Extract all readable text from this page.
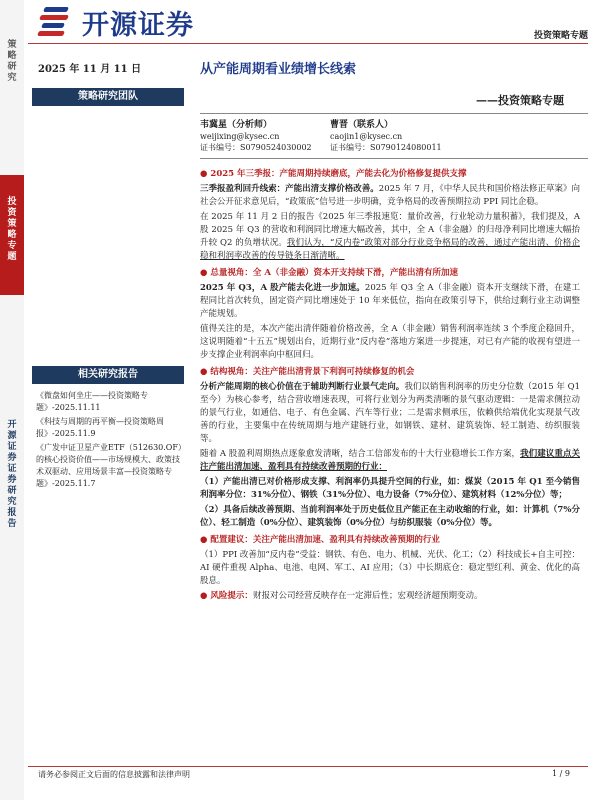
策略研究
投资策略专题
开源证券 证券研究报告
开源证券	投资策略专题
2025 年 11 月 11 日	从产能周期看业绩增长线索
策略研究团队	——投资策略专题
韦冀星（分析师）
weijixing@kysec.cn
证书编号：S0790524030002
曹晋（联系人）
caojin1@kysec.cn
证书编号：S0790124080011
相关研究报告

《微盘如何坐庄——投资策略专题》-2025.11.11

《科技与周期的再平衡—投资策略周报》-2025.11.9

《广发中证卫星产业ETF（512630.OF）的核心投资价值——市场规模大、政策技术双驱动、应用场景丰富—投资策略专题》-2025.11.7

● 2025 年三季报：产能周期持续磨底，产能去化为价格修复提供支撑

三季报盈利回升线索：产能出清支撑价格改善。2025 年 7 月，《中华人民共和国价格法修正草案》向社会公开征求意见后，“政策底”信号进一步明确，竞争格局的改善预期拉动 PPI 同比企稳。

在 2025 年 11 月 2 日的报告《2025 年三季报速览：量价改善，行业轮动力量积蓄》，我们提及，A 股 2025 年 Q3 的营收和利润同比增速大幅改善，其中，全 A（非金融）的归母净利同比增速大幅抬升较 Q2 的负增状况。我们认为，“反内卷”政策对部分行业竞争格局的改善，通过产能出清、价格企稳和利润率改善的传导链条日渐清晰。

● 总量视角：全 A（非金融）资本开支持续下滑，产能出清有所加速

2025 年 Q3，A 股产能去化进一步加速。2025 年 Q3 全 A（非金融）资本开支继续下滑，在建工程同比首次转负，固定资产同比增速处于 10 年来低位，指向在政策引导下，供给过剩行业主动调整产能规划。

值得关注的是，本次产能出清伴随着价格改善，全 A（非金融）销售利润率连续 3 个季度企稳回升，这说明随着“十五五”规划出台，近期行业“反内卷”落地方案进一步提速，对已有产能的收视有望进一步支撑企业利润率向中枢回归。

● 结构视角：关注产能出清背景下利润可持续修复的机会

分析产能周期的核心价值在于辅助判断行业景气走向。我们以销售利润率的历史分位数（2015 年 Q1 至今）为核心参考，结合营收增速表现，可将行业划分为两类清晰的景气驱动逻辑：一是需求侧拉动的景气行业，如通信、电子、有色金属、汽车等行业；二是需求侧承压，依赖供给端优化实现景气改善的行业，主要集中在传统周期与地产建链行业，如钢铁、建材、建筑装饰、轻工制造、纺织服装等。

随着 A 股盈利周期热点逐象愈发清晰，结合工信部发布的十大行业稳增长工作方案，我们建议重点关注产能出清加速、盈利具有持续改善预期的行业：

（1）产能出清已对价格形成支撑、利润率仍具提升空间的行业，如：煤炭（2015 年 Q1 至今销售利润率分位：31%分位）、钢铁（31%分位）、电力设备（7%分位）、建筑材料（12%分位）等；

（2）具备后续改善预期、当前利润率处于历史低位且产能正在主动收缩的行业，如：计算机（7%分位）、轻工制造（0%分位）、建筑装饰（0%分位）与纺织服装（0%分位）等。

● 配置建议：关注产能出清加速、盈利具有持续改善预期的行业

（1）PPI 改善加“反内卷”受益：钢铁、有色、电力、机械、光伏、化工；（2）科技成长+自主可控：AI 硬件重视 Alpha、电池、电网、军工、AI 应用；（3）中长期底仓：稳定型红利、黄金、优化的高股息。

● 风险提示：财报对公司经营反映存在一定滞后性；宏观经济超预期变动。

请务必参阅正文后面的信息披露和法律声明	1 / 9
